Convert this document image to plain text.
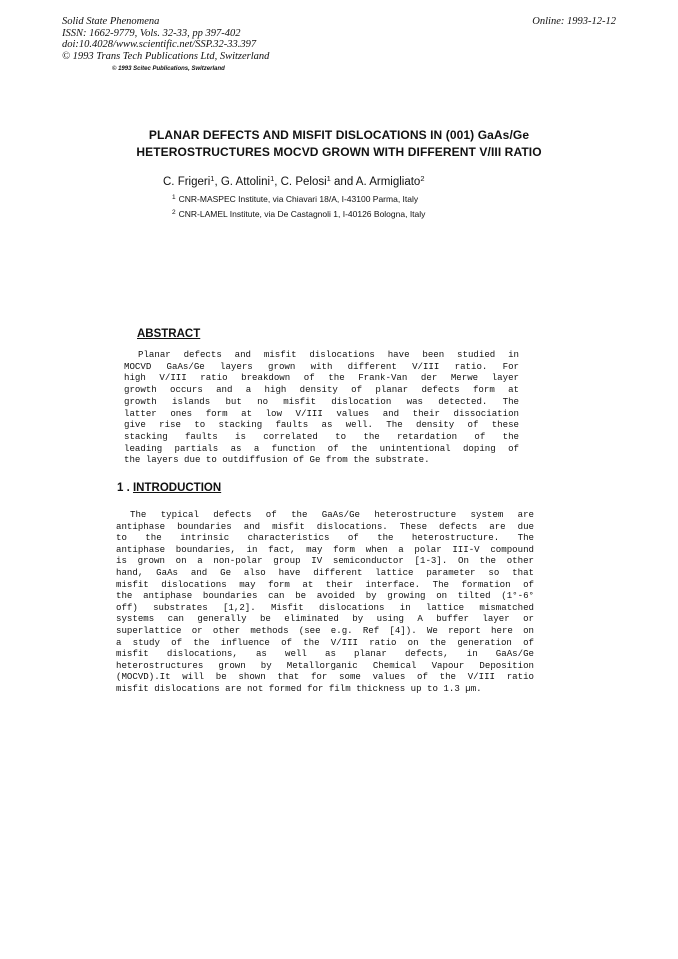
Solid State Phenomena
ISSN: 1662-9779, Vols. 32-33, pp 397-402
doi:10.4028/www.scientific.net/SSP.32-33.397
© 1993 Trans Tech Publications Ltd, Switzerland
Online: 1993-12-12
© 1993 Scitec Publications, Switzerland
PLANAR DEFECTS AND MISFIT DISLOCATIONS IN (001) GaAs/Ge
HETEROSTRUCTURES MOCVD GROWN WITH DIFFERENT V/III RATIO
C. Frigeri$^1$, G. Attolini$^1$, C. Pelosi$^1$ and A. Armigliato$^2$
$^1$ CNR-MASPEC Institute, via Chiavari 18/A, I-43100 Parma, Italy
$^2$ CNR-LAMEL Institute, via De Castagnoli 1, I-40126 Bologna, Italy
ABSTRACT
Planar defects and misfit dislocations have been studied in
MOCVD GaAs/Ge layers grown with different V/III ratio. For
high V/III ratio breakdown of the Frank-Van der Merwe layer
growth occurs and a high density of planar defects form at
growth islands but no misfit dislocation was detected. The
latter ones form at low V/III values and their dissociation
give rise to stacking faults as well. The density of these
stacking faults is correlated to the retardation of the
leading partials as a function of the unintentional doping of
the layers due to outdiffusion of Ge from the substrate.
1 . INTRODUCTION
The typical defects of the GaAs/Ge heterostructure system are
antiphase boundaries and misfit dislocations. These defects are due
to the intrinsic characteristics of the heterostructure. The
antiphase boundaries, in fact, may form when a polar III-V compound
is grown on a non-polar group IV semiconductor [1-3]. On the other
hand, GaAs and Ge also have different lattice parameter so that
misfit dislocations may form at their interface. The formation of
the antiphase boundaries can be avoided by growing on tilted (1°-6°
off) substrates [1,2]. Misfit dislocations in lattice mismatched
systems can generally be eliminated by using A buffer layer or
superlattice or other methods (see e.g. Ref [4]). We report here on
a study of the influence of the V/III ratio on the generation of
misfit dislocations, as well as planar defects, in GaAs/Ge
heterostructures grown by Metallorganic Chemical Vapour Deposition
(MOCVD).It will be shown that for some values of the V/III ratio
misfit dislocations are not formed for film thickness up to 1.3 µm.
